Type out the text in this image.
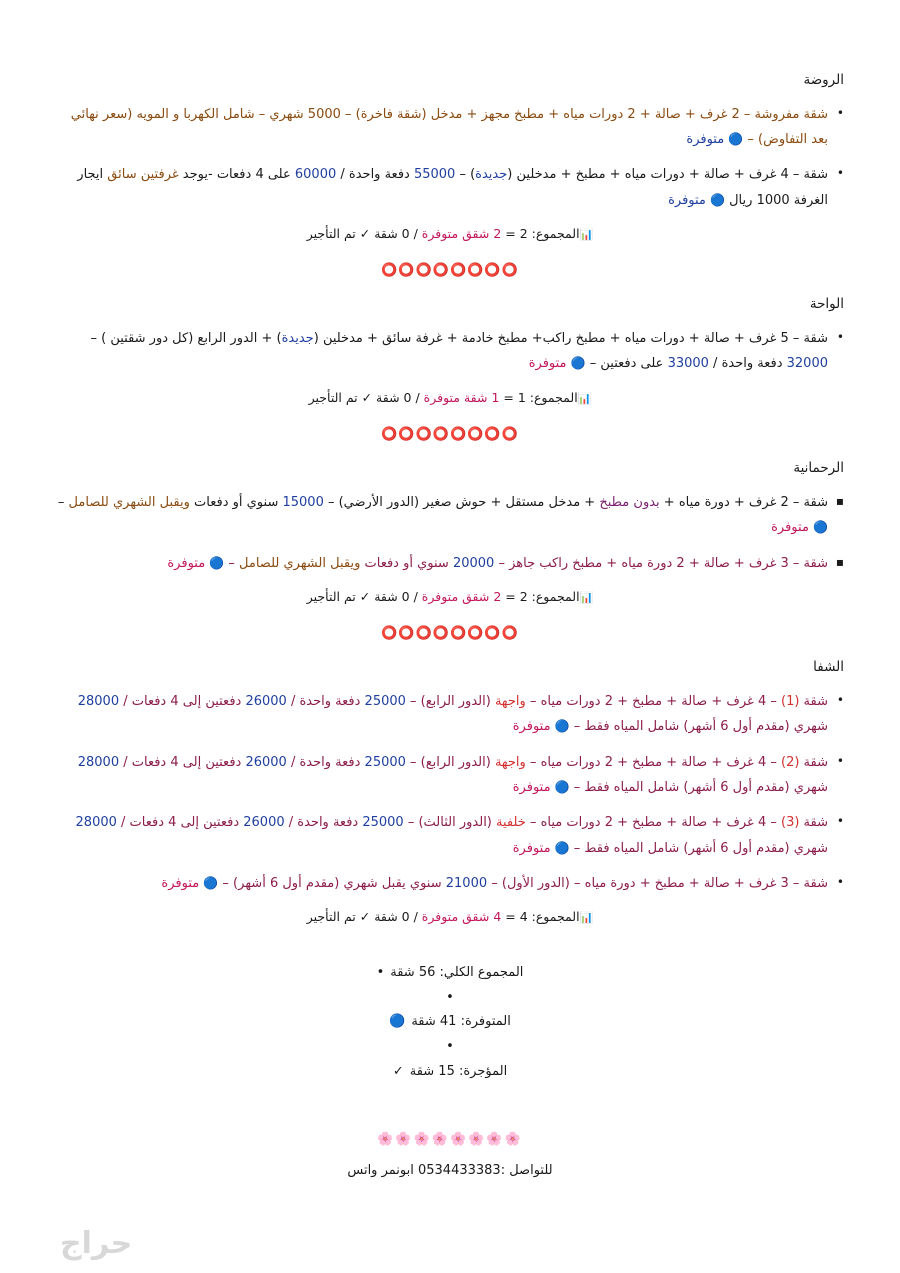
الروضة
•
شقة مفروشة – 2 غرف + صالة + 2 دورات مياه + مطبخ مجهز + مدخل (شقة فاخرة) – 5000 شهري – شامل الكهربا و المويه (سعر نهائي بعد التفاوض) – 🔵 متوفرة
•
شقة – 4 غرف + صالة + دورات مياه + مطبخ + مدخلين (جديدة) – 55000 دفعة واحدة / 60000 على 4 دفعات -يوجد غرفتين سائق ايجار الغرفة 1000 ريال 🔵 متوفرة
📊المجموع: 2 = 2 شقق متوفرة / 0 شقة ✓ تم التأجير
⭕⭕⭕⭕⭕⭕⭕⭕
الواحة
•
شقة – 5 غرف + صالة + دورات مياه + مطبخ راكب+ مطبخ خادمة + غرفة سائق + مدخلين (جديدة) + الدور الرابع (كل دور شقتين ) – 32000 دفعة واحدة / 33000 على دفعتين – 🔵 متوفرة
📊المجموع: 1 = 1 شقة متوفرة / 0 شقة ✓ تم التأجير
⭕⭕⭕⭕⭕⭕⭕⭕
الرحمانية
▪
شقة – 2 غرف + دورة مياه + بدون مطبخ + مدخل مستقل + حوش صغير (الدور الأرضي) – 15000 سنوي أو دفعات ويقبل الشهري للصامل – 🔵 متوفرة
▪
شقة – 3 غرف + صالة + 2 دورة مياه + مطبخ راكب جاهز – 20000 سنوي أو دفعات ويقبل الشهري للصامل – 🔵 متوفرة
📊المجموع: 2 = 2 شقق متوفرة / 0 شقة ✓ تم التأجير
⭕⭕⭕⭕⭕⭕⭕⭕
الشفا
•
شقة (1) – 4 غرف + صالة + مطبخ + 2 دورات مياه – واجهة (الدور الرابع) – 25000 دفعة واحدة / 26000 دفعتين إلى 4 دفعات / 28000 شهري (مقدم أول 6 أشهر) شامل المياه فقط – 🔵 متوفرة
•
شقة (2) – 4 غرف + صالة + مطبخ + 2 دورات مياه – واجهة (الدور الرابع) – 25000 دفعة واحدة / 26000 دفعتين إلى 4 دفعات / 28000 شهري (مقدم أول 6 أشهر) شامل المياه فقط – 🔵 متوفرة
•
شقة (3) – 4 غرف + صالة + مطبخ + 2 دورات مياه – خلفية (الدور الثالث) – 25000 دفعة واحدة / 26000 دفعتين إلى 4 دفعات / 28000 شهري (مقدم أول 6 أشهر) شامل المياه فقط – 🔵 متوفرة
•
شقة – 3 غرف + صالة + مطبخ + دورة مياه – (الدور الأول) – 21000 سنوي يقبل شهري (مقدم أول 6 أشهر) – 🔵 متوفرة
📊المجموع: 4 = 4 شقق متوفرة / 0 شقة ✓ تم التأجير
المجموع الكلي: 56 شقة•
•
المتوفرة: 41 شقة🔵
•
المؤجرة: 15 شقة✓
🌸🌸🌸🌸🌸🌸🌸🌸
للتواصل :0534433383 ابونمر واتس
حراج
